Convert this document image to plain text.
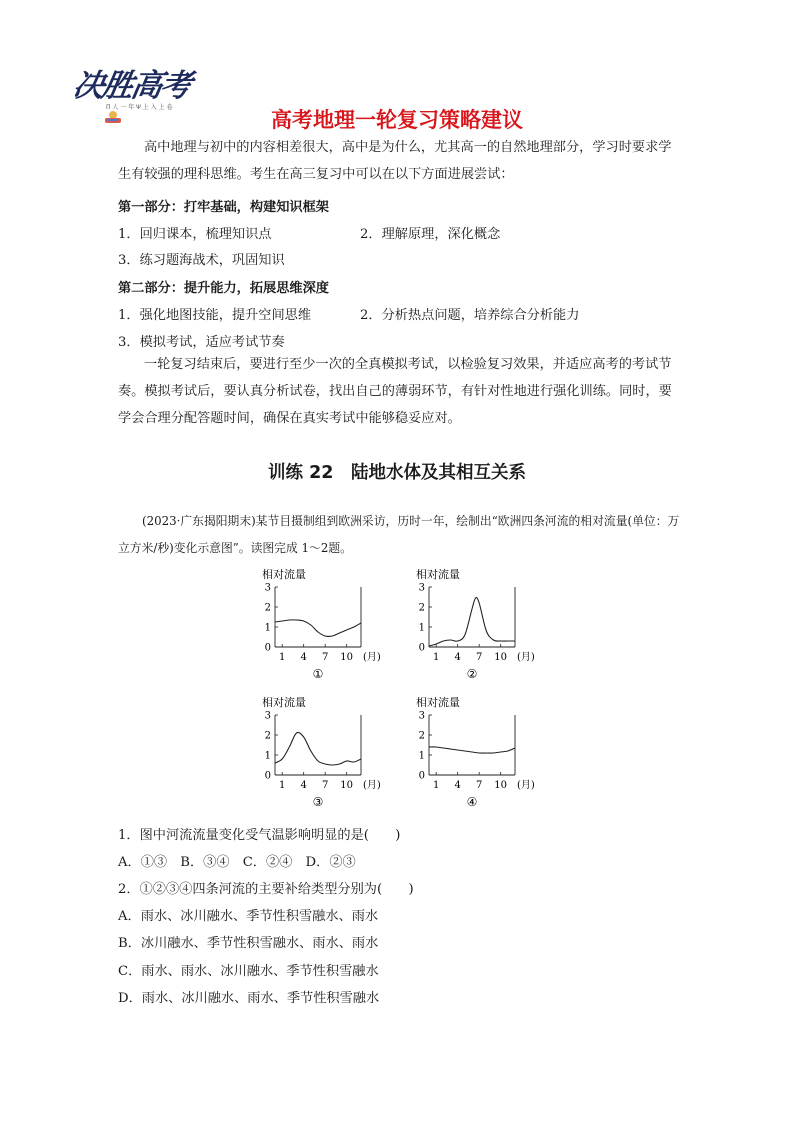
决胜高考
Π 人 一 年 Ψ 上 入 上 卷
高考地理一轮复习策略建议
高中地理与初中的内容相差很大，高中是为什么，尤其高一的自然地理部分，学习时要求学生有较强的理科思维。考生在高三复习中可以在以下方面进展尝试：
第一部分：打牢基础，构建知识框架
1．回归课本，梳理知识点	2．理解原理，深化概念
3．练习题海战术，巩固知识
第二部分：提升能力，拓展思维深度
1．强化地图技能，提升空间思维	2．分析热点问题，培养综合分析能力
3．模拟考试，适应考试节奏
一轮复习结束后，要进行至少一次的全真模拟考试，以检验复习效果，并适应高考的考试节奏。模拟考试后，要认真分析试卷，找出自己的薄弱环节，有针对性地进行强化训练。同时，要学会合理分配答题时间，确保在真实考试中能够稳妥应对。
训练 22　陆地水体及其相互关系
(2023·广东揭阳期末)某节目摄制组到欧洲采访，历时一年，绘制出“欧洲四条河流的相对流量(单位：万立方米/秒)变化示意图”。读图完成 1～2题。
相对流量
0
1
2
3
1 4 7 10 (月)
①
相对流量
0
1
2
3
1 4 7 10 (月)
②
相对流量
0
1
2
3
1 4 7 10 (月)
③
相对流量
0
1
2
3
1 4 7 10 (月)
④
1．图中河流流量变化受气温影响明显的是(　　)
A．①③　B．③④　C．②④　D．②③
2．①②③④四条河流的主要补给类型分别为(　　)
A．雨水、冰川融水、季节性积雪融水、雨水
B．冰川融水、季节性积雪融水、雨水、雨水
C．雨水、雨水、冰川融水、季节性积雪融水
D．雨水、冰川融水、雨水、季节性积雪融水
